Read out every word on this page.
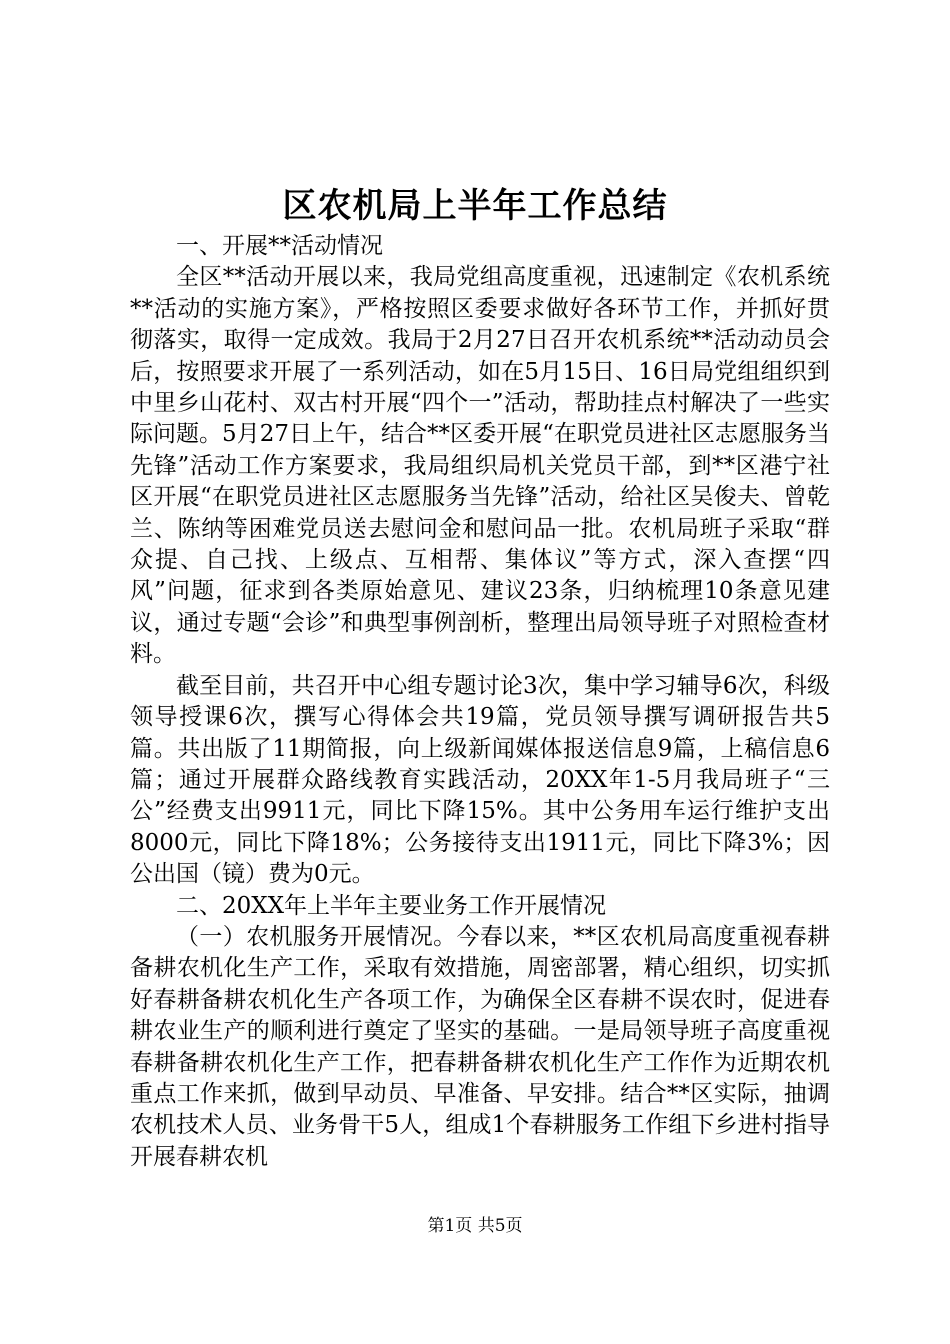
区农机局上半年工作总结

一、开展**活动情况

全区**活动开展以来，我局党组高度重视，迅速制定《农机系统**活动的实施方案》，严格按照区委要求做好各环节工作，并抓好贯彻落实，取得一定成效。我局于2月27日召开农机系统**活动动员会后，按照要求开展了一系列活动，如在5月15日、16日局党组组织到中里乡山花村、双古村开展“四个一”活动，帮助挂点村解决了一些实际问题。5月27日上午，结合**区委开展“在职党员进社区志愿服务当先锋”活动工作方案要求，我局组织局机关党员干部，到**区港宁社区开展“在职党员进社区志愿服务当先锋”活动，给社区吴俊夫、曾乾兰、陈纳等困难党员送去慰问金和慰问品一批。农机局班子采取“群众提、自己找、上级点、互相帮、集体议”等方式，深入查摆“四风”问题，征求到各类原始意见、建议23条，归纳梳理10条意见建议，通过专题“会诊”和典型事例剖析，整理出局领导班子对照检查材料。

截至目前，共召开中心组专题讨论3次，集中学习辅导6次，科级领导授课6次，撰写心得体会共19篇，党员领导撰写调研报告共5篇。共出版了11期简报，向上级新闻媒体报送信息9篇，上稿信息6篇；通过开展群众路线教育实践活动，20XX年1-5月我局班子“三公”经费支出9911元，同比下降15%。其中公务用车运行维护支出8000元，同比下降18%；公务接待支出1911元，同比下降3%；因公出国（镜）费为0元。

二、20XX年上半年主要业务工作开展情况

（一）农机服务开展情况。今春以来，**区农机局高度重视春耕备耕农机化生产工作，采取有效措施，周密部署，精心组织，切实抓好春耕备耕农机化生产各项工作，为确保全区春耕不误农时，促进春耕农业生产的顺利进行奠定了坚实的基础。一是局领导班子高度重视春耕备耕农机化生产工作，把春耕备耕农机化生产工作作为近期农机重点工作来抓，做到早动员、早准备、早安排。结合**区实际，抽调农机技术人员、业务骨干5人，组成1个春耕服务工作组下乡进村指导开展春耕农机

第1页 共5页
